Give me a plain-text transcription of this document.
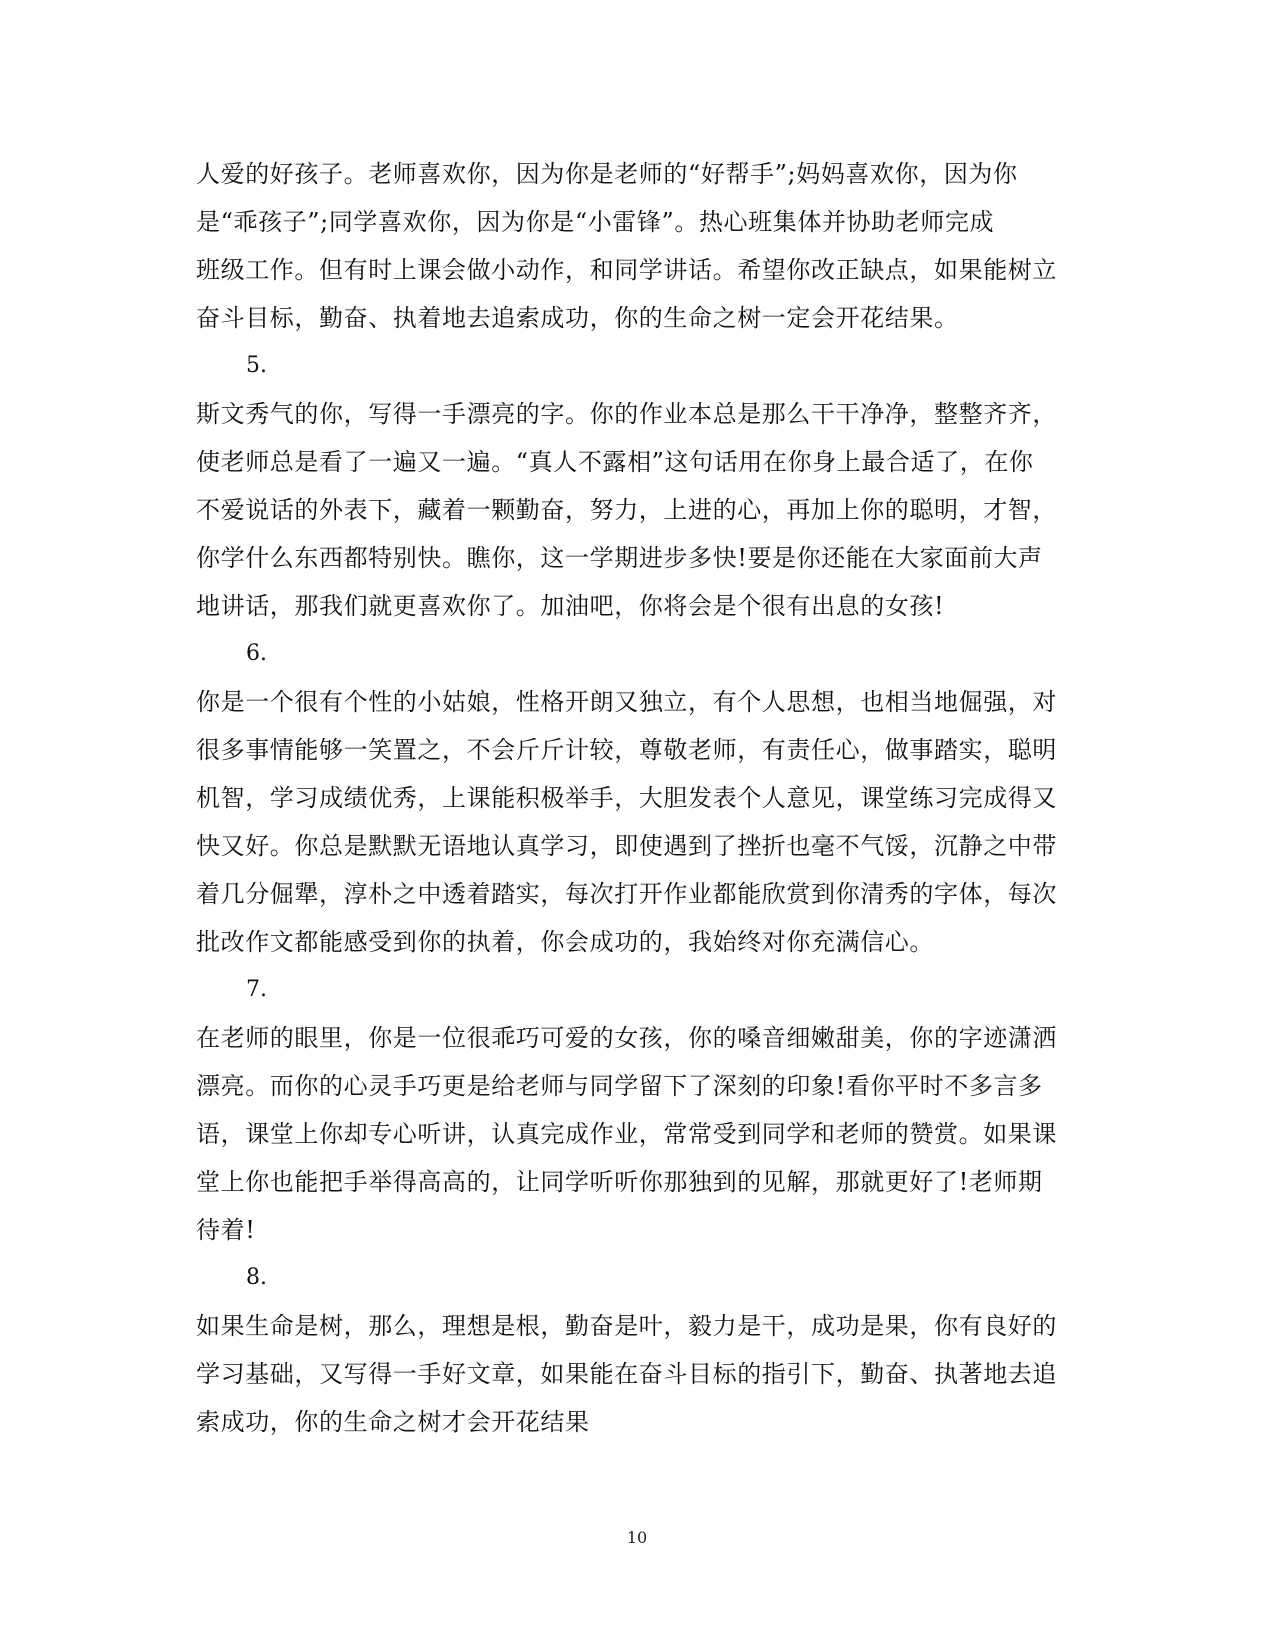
人爱的好孩子。老师喜欢你，因为你是老师的“好帮手”;妈妈喜欢你，因为你
是“乖孩子”;同学喜欢你，因为你是“小雷锋”。热心班集体并协助老师完成
班级工作。但有时上课会做小动作，和同学讲话。希望你改正缺点，如果能树立
奋斗目标，勤奋、执着地去追索成功，你的生命之树一定会开花结果。
5.
斯文秀气的你，写得一手漂亮的字。你的作业本总是那么干干净净，整整齐齐，
使老师总是看了一遍又一遍。“真人不露相”这句话用在你身上最合适了，在你
不爱说话的外表下，藏着一颗勤奋，努力，上进的心，再加上你的聪明，才智，
你学什么东西都特别快。瞧你，这一学期进步多快!要是你还能在大家面前大声
地讲话，那我们就更喜欢你了。加油吧，你将会是个很有出息的女孩!
6.
你是一个很有个性的小姑娘，性格开朗又独立，有个人思想，也相当地倔强，对
很多事情能够一笑置之，不会斤斤计较，尊敬老师，有责任心，做事踏实，聪明
机智，学习成绩优秀，上课能积极举手，大胆发表个人意见，课堂练习完成得又
快又好。你总是默默无语地认真学习，即使遇到了挫折也毫不气馁，沉静之中带
着几分倔犟，淳朴之中透着踏实，每次打开作业都能欣赏到你清秀的字体，每次
批改作文都能感受到你的执着，你会成功的，我始终对你充满信心。
7.
在老师的眼里，你是一位很乖巧可爱的女孩，你的嗓音细嫩甜美，你的字迹潇洒
漂亮。而你的心灵手巧更是给老师与同学留下了深刻的印象!看你平时不多言多
语，课堂上你却专心听讲，认真完成作业，常常受到同学和老师的赞赏。如果课
堂上你也能把手举得高高的，让同学听听你那独到的见解，那就更好了!老师期
待着!
8.
如果生命是树，那么，理想是根，勤奋是叶，毅力是干，成功是果，你有良好的
学习基础，又写得一手好文章，如果能在奋斗目标的指引下，勤奋、执著地去追
索成功，你的生命之树才会开花结果
10
